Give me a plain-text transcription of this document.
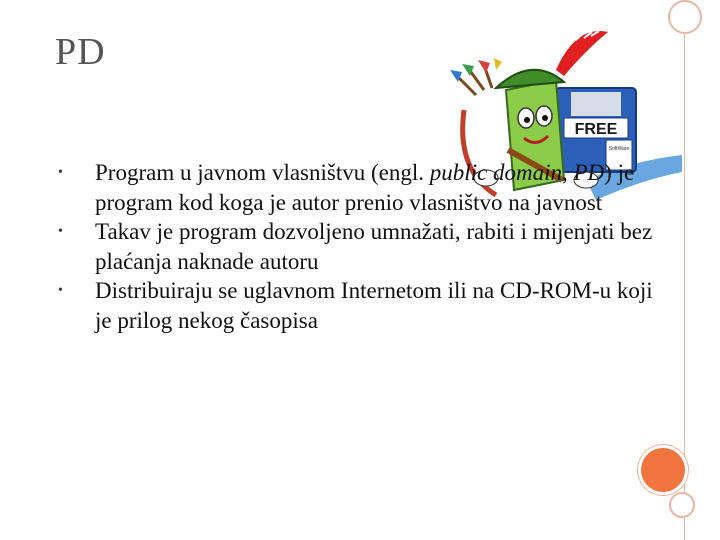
PD
FREE
SoftWare
•	Program u javnom vlasništvu (engl. public domain, PD) je program kod koga je autor prenio vlasništvo na javnost
•	Takav je program dozvoljeno umnažati, rabiti i mijenjati bez plaćanja naknade autoru
•	Distribuiraju se uglavnom Internetom ili na CD-ROM-u koji je prilog nekog časopisa
